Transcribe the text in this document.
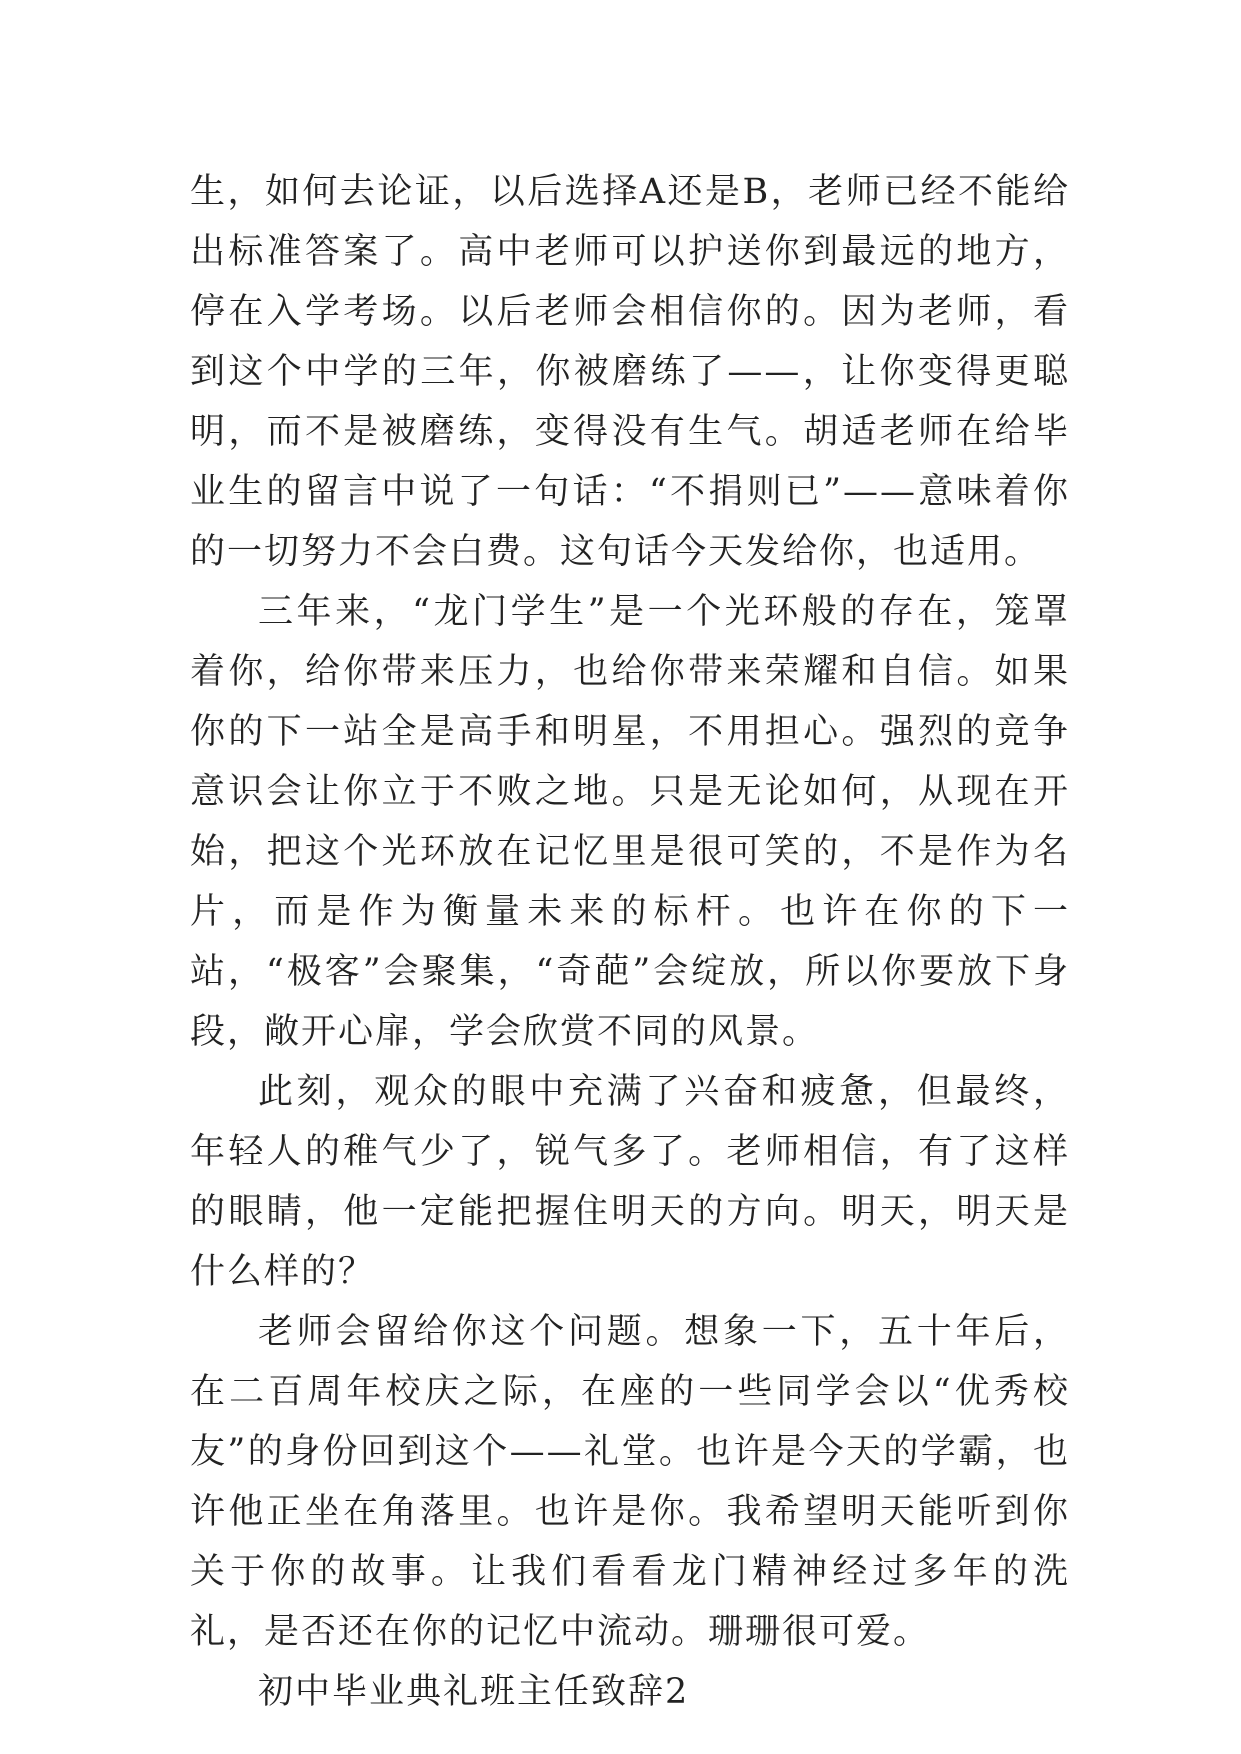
生，如何去论证，以后选择A还是B，老师已经不能给出标准答案了。高中老师可以护送你到最远的地方，停在入学考场。以后老师会相信你的。因为老师，看到这个中学的三年，你被磨练了——，让你变得更聪明，而不是被磨练，变得没有生气。胡适老师在给毕业生的留言中说了一句话：“不捐则已”——意味着你的一切努力不会白费。这句话今天发给你，也适用。

三年来，“龙门学生”是一个光环般的存在，笼罩着你，给你带来压力，也给你带来荣耀和自信。如果你的下一站全是高手和明星，不用担心。强烈的竞争意识会让你立于不败之地。只是无论如何，从现在开始，把这个光环放在记忆里是很可笑的，不是作为名片，而是作为衡量未来的标杆。也许在你的下一站，“极客”会聚集，“奇葩”会绽放，所以你要放下身段，敞开心扉，学会欣赏不同的风景。

此刻，观众的眼中充满了兴奋和疲惫，但最终，年轻人的稚气少了，锐气多了。老师相信，有了这样的眼睛，他一定能把握住明天的方向。明天，明天是什么样的？

老师会留给你这个问题。想象一下，五十年后，在二百周年校庆之际，在座的一些同学会以“优秀校友”的身份回到这个——礼堂。也许是今天的学霸，也许他正坐在角落里。也许是你。我希望明天能听到你关于你的故事。让我们看看龙门精神经过多年的洗礼，是否还在你的记忆中流动。珊珊很可爱。

初中毕业典礼班主任致辞2
